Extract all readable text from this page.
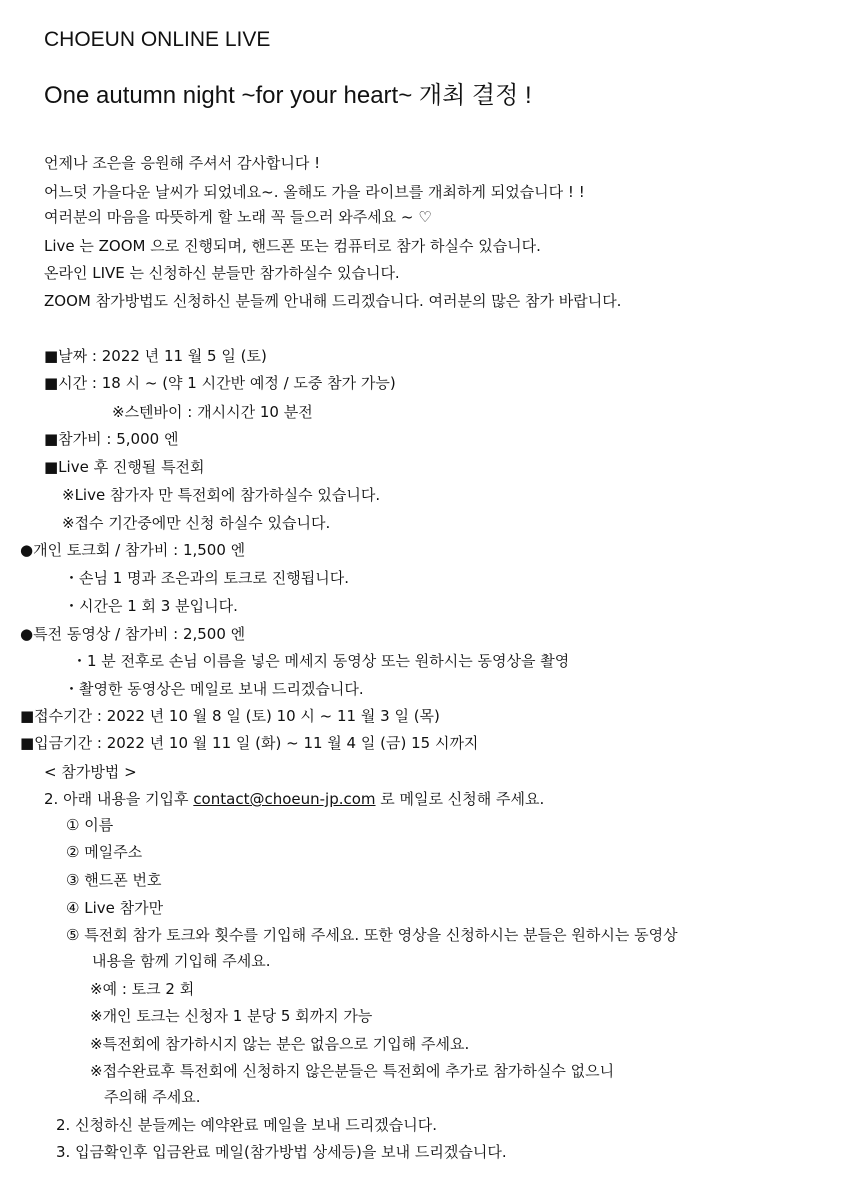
CHOEUN ONLINE LIVE
One autumn night ~for your heart~ 개최 결정 !
언제나 조은을 응원해 주셔서 감사합니다 !
어느덧 가을다운 날씨가 되었네요~. 올해도 가을 라이브를 개최하게 되었습니다 ! !
여러분의 마음을 따뜻하게 할 노래 꼭 들으러 와주세요 ~ ♡
Live 는 ZOOM 으로 진행되며, 핸드폰 또는 컴퓨터로 참가 하실수 있습니다.
온라인 LIVE 는 신청하신 분들만 참가하실수 있습니다.
ZOOM 참가방법도 신청하신 분들께 안내해 드리겠습니다. 여러분의 많은 참가 바랍니다.
■날짜 : 2022 년 11 월 5 일 (토)
■시간 : 18 시 ~ (약 1 시간반 예정 / 도중 참가 가능)
※스텐바이 : 개시시간 10 분전
■참가비 : 5,000 엔
■Live 후 진행될 특전회
※Live 참가자 만 특전회에 참가하실수 있습니다.
※접수 기간중에만 신청 하실수 있습니다.
●개인 토크회 / 참가비 : 1,500 엔
・손님 1 명과 조은과의 토크로 진행됩니다.
・시간은 1 회 3 분입니다.
●특전 동영상 / 참가비 : 2,500 엔
・1 분 전후로 손님 이름을 넣은 메세지 동영상 또는 원하시는 동영상을 촬영
・촬영한 동영상은 메일로 보내 드리겠습니다.
■접수기간 : 2022 년 10 월 8 일 (토) 10 시 ~ 11 월 3 일 (목)
■입금기간 : 2022 년 10 월 11 일 (화) ~ 11 월 4 일 (금) 15 시까지
< 참가방법 >
2. 아래 내용을 기입후 contact@choeun-jp.com 로 메일로 신청해 주세요.
① 이름
② 메일주소
③ 핸드폰 번호
④ Live 참가만
⑤ 특전회 참가 토크와 횟수를 기입해 주세요. 또한 영상을 신청하시는 분들은 원하시는 동영상
내용을 함께 기입해 주세요.
※예 : 토크 2 회
※개인 토크는 신청자 1 분당 5 회까지 가능
※특전회에 참가하시지 않는 분은 없음으로 기입해 주세요.
※접수완료후 특전회에 신청하지 않은분들은 특전회에 추가로 참가하실수 없으니
주의해 주세요.
2. 신청하신 분들께는 예약완료 메일을 보내 드리겠습니다.
3. 입금확인후 입금완료 메일(참가방법 상세등)을 보내 드리겠습니다.
